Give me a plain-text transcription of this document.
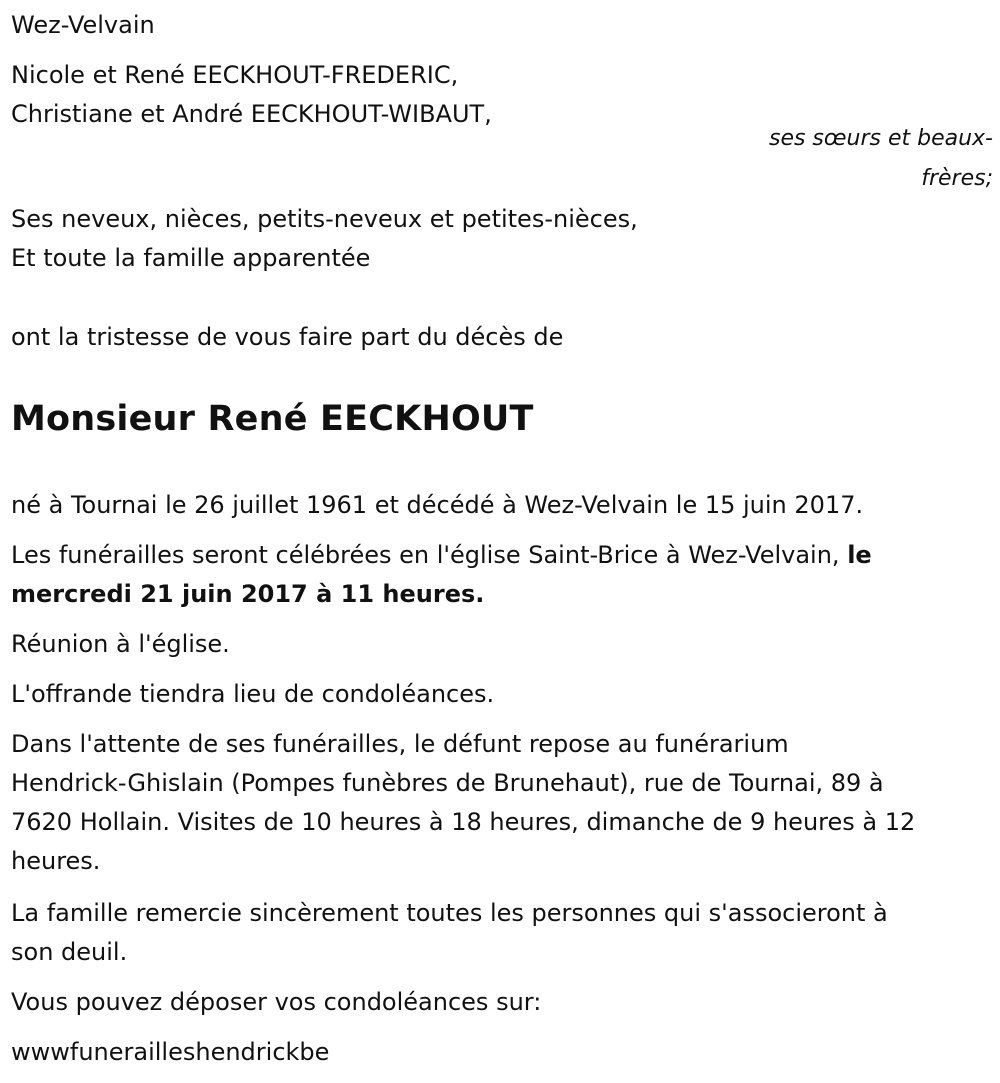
Wez-Velvain
Nicole et René EECKHOUT-FREDERIC,
Christiane et André EECKHOUT-WIBAUT,
ses sœurs et beaux-
frères;
Ses neveux, nièces, petits-neveux et petites-nièces,
Et toute la famille apparentée
ont la tristesse de vous faire part du décès de
Monsieur René EECKHOUT
né à Tournai le 26 juillet 1961 et décédé à Wez-Velvain le 15 juin 2017.
Les funérailles seront célébrées en l'église Saint-Brice à Wez-Velvain, le
mercredi 21 juin 2017 à 11 heures.
Réunion à l'église.
L'offrande tiendra lieu de condoléances.
Dans l'attente de ses funérailles, le défunt repose au funérarium
Hendrick-Ghislain (Pompes funèbres de Brunehaut), rue de Tournai, 89 à
7620 Hollain. Visites de 10 heures à 18 heures, dimanche de 9 heures à 12
heures.
La famille remercie sincèrement toutes les personnes qui s'associeront à
son deuil.
Vous pouvez déposer vos condoléances sur:
wwwfunerailleshendrickbe
